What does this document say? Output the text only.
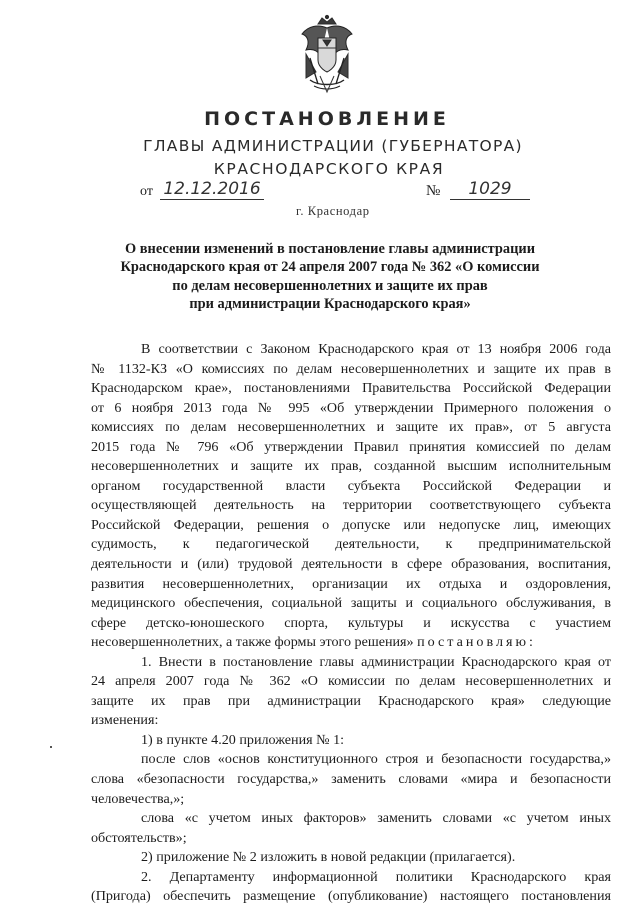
ПОСТАНОВЛЕНИЕ
ГЛАВЫ АДМИНИСТРАЦИИ (ГУБЕРНАТОРА)
КРАСНОДАРСКОГО КРАЯ
от 12.12.2016	№	1029
г. Краснодар
О внесении изменений в постановление главы администрации
Краснодарского края от 24 апреля 2007 года № 362 «О комиссии
по делам несовершеннолетних и защите их прав
при администрации Краснодарского края»
В соответствии с Законом Краснодарского края от 13 ноября 2006 года
№ 1132-КЗ «О комиссиях по делам несовершеннолетних и защите их прав в
Краснодарском крае», постановлениями Правительства Российской Федерации
от 6 ноября 2013 года № 995 «Об утверждении Примерного положения о
комиссиях по делам несовершеннолетних и защите их прав», от 5 августа
2015 года № 796 «Об утверждении Правил принятия комиссией по делам
несовершеннолетних и защите их прав, созданной высшим исполнительным
органом государственной власти субъекта Российской Федерации и
осуществляющей деятельность на территории соответствующего субъекта
Российской Федерации, решения о допуске или недопуске лиц, имеющих
судимость, к педагогической деятельности, к предпринимательской
деятельности и (или) трудовой деятельности в сфере образования, воспитания,
развития несовершеннолетних, организации их отдыха и оздоровления,
медицинского обеспечения, социальной защиты и социального обслуживания, в
сфере детско-юношеского спорта, культуры и искусства с участием
несовершеннолетних, а также формы этого решения» постановляю:
1. Внести в постановление главы администрации Краснодарского края от
24 апреля 2007 года № 362 «О комиссии по делам несовершеннолетних и
защите их прав при администрации Краснодарского края» следующие
изменения:
1) в пункте 4.20 приложения № 1:
после слов «основ конституционного строя и безопасности государства,»
слова «безопасности государства,» заменить словами «мира и безопасности
человечества,»;
слова «с учетом иных факторов» заменить словами «с учетом иных
обстоятельств»;
2) приложение № 2 изложить в новой редакции (прилагается).
2. Департаменту информационной политики Краснодарского края
(Пригода) обеспечить размещение (опубликование) настоящего постановления
